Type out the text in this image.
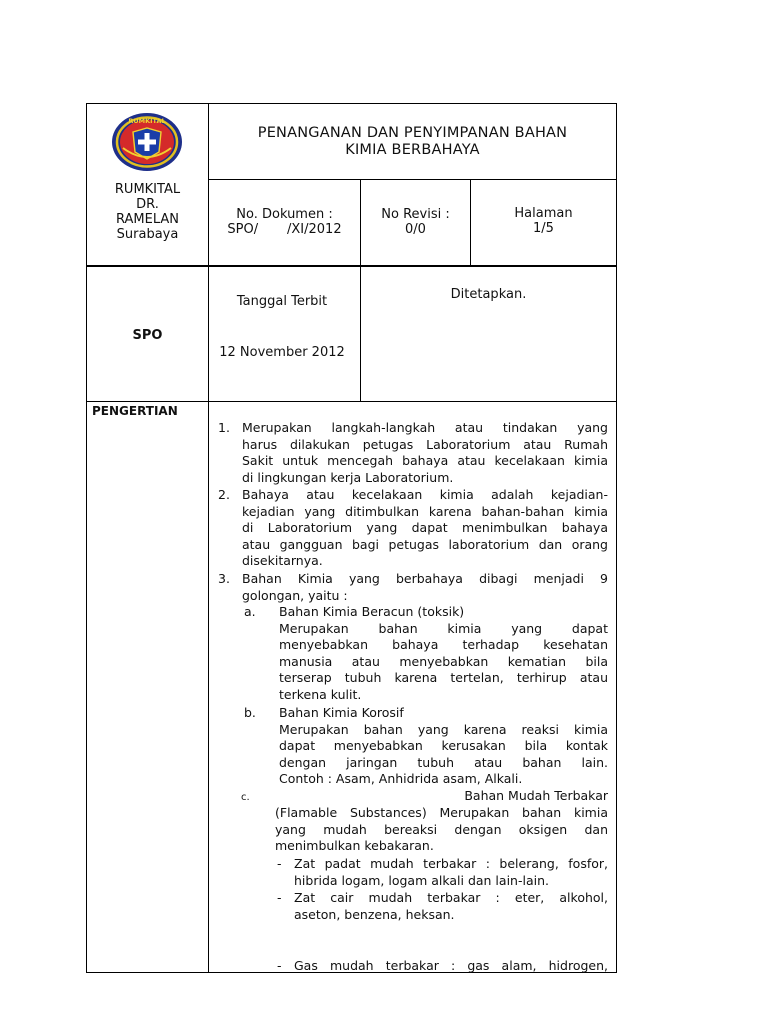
RUMKITAL
RUMKITAL
DR.
RAMELAN
Surabaya
PENANGANAN DAN PENYIMPANAN BAHAN
KIMIA BERBAHAYA
No. Dokumen :
SPO/       /XI/2012
No Revisi :
0/0
Halaman
1/5
SPO
Tanggal Terbit
12 November 2012
Ditetapkan.
PENGERTIAN
1. Merupakan langkah-langkah atau tindakan yang
harus dilakukan petugas Laboratorium atau Rumah
Sakit untuk mencegah bahaya atau kecelakaan kimia
di lingkungan kerja Laboratorium.
2. Bahaya atau kecelakaan kimia adalah kejadian-
kejadian yang ditimbulkan karena bahan-bahan kimia
di Laboratorium yang dapat menimbulkan bahaya
atau gangguan bagi petugas laboratorium dan orang
disekitarnya.
3. Bahan Kimia yang berbahaya dibagi menjadi 9
golongan, yaitu :
a. Bahan Kimia Beracun (toksik)
Merupakan bahan kimia yang dapat
menyebabkan bahaya terhadap kesehatan
manusia atau menyebabkan kematian bila
terserap tubuh karena tertelan, terhirup atau
terkena kulit.
b. Bahan Kimia Korosif
Merupakan bahan yang karena reaksi kimia
dapat menyebabkan kerusakan bila kontak
dengan jaringan tubuh atau bahan lain.
Contoh : Asam, Anhidrida asam, Alkali.
c.	Bahan Mudah Terbakar
(Flamable Substances) Merupakan bahan kimia
yang mudah bereaksi dengan oksigen dan
menimbulkan kebakaran.
- Zat padat mudah terbakar : belerang, fosfor,
hibrida logam, logam alkali dan lain-lain.
- Zat cair mudah terbakar : eter, alkohol,
aseton, benzena, heksan.
- Gas mudah terbakar : gas alam, hidrogen,
